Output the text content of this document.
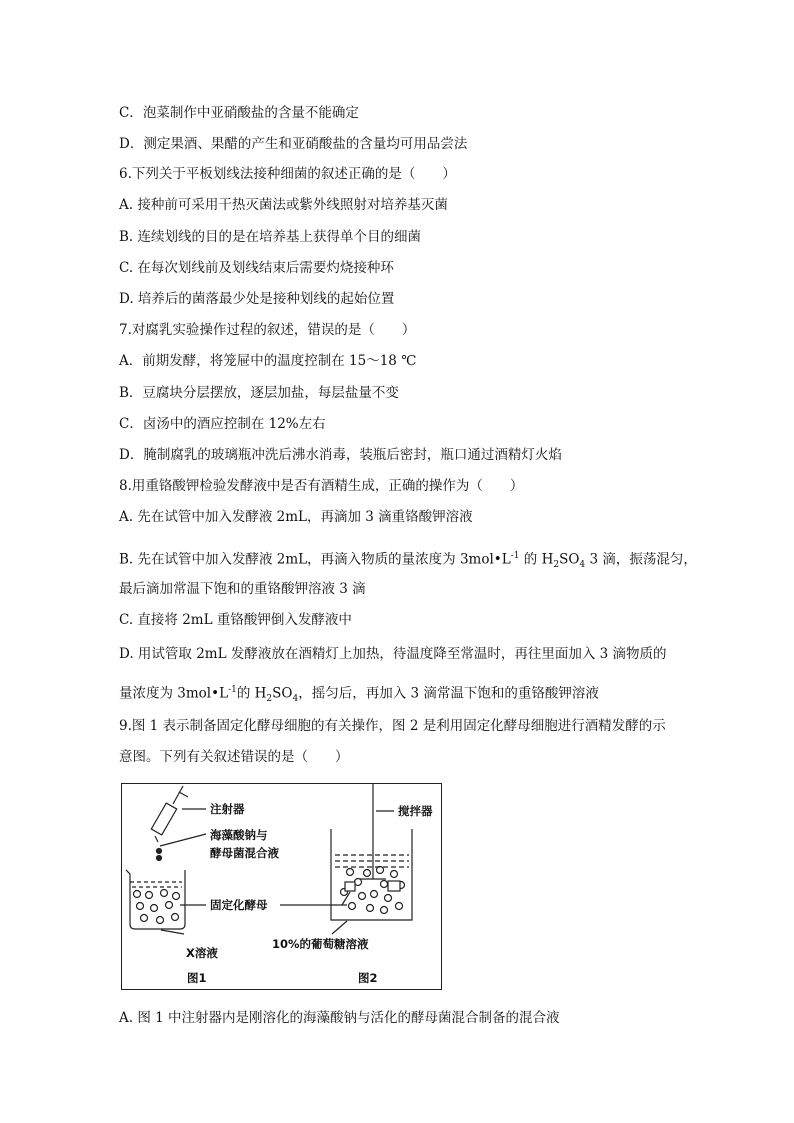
C．泡菜制作中亚硝酸盐的含量不能确定
D．测定果酒、果醋的产生和亚硝酸盐的含量均可用品尝法
6.下列关于平板划线法接种细菌的叙述正确的是（　　）
A. 接种前可采用干热灭菌法或紫外线照射对培养基灭菌
B. 连续划线的目的是在培养基上获得单个目的细菌
C. 在每次划线前及划线结束后需要灼烧接种环
D. 培养后的菌落最少处是接种划线的起始位置
7.对腐乳实验操作过程的叙述，错误的是（　　）
A．前期发酵，将笼屉中的温度控制在 15～18 ℃
B．豆腐块分层摆放，逐层加盐，每层盐量不变
C．卤汤中的酒应控制在 12%左右
D．腌制腐乳的玻璃瓶冲洗后沸水消毒，装瓶后密封，瓶口通过酒精灯火焰
8.用重铬酸钾检验发酵液中是否有酒精生成，正确的操作为（　　）
A. 先在试管中加入发酵液 2mL，再滴加 3 滴重铬酸钾溶液
B. 先在试管中加入发酵液 2mL，再滴入物质的量浓度为 $3mol•L^{-1}$ 的 $H_2SO_4$ 3 滴，振荡混匀，
最后滴加常温下饱和的重铬酸钾溶液 3 滴
C. 直接将 2mL 重铬酸钾倒入发酵液中
D. 用试管取 2mL 发酵液放在酒精灯上加热，待温度降至常温时，再往里面加入 3 滴物质的
量浓度为 $3mol•L^{-1}$的 $H_2SO_4$，摇匀后，再加入 3 滴常温下饱和的重铬酸钾溶液
9.图 1 表示制备固定化酵母细胞的有关操作，图 2 是利用固定化酵母细胞进行酒精发酵的示
意图。下列有关叙述错误的是（　　）
注射器
海藻酸钠与
酵母菌混合液
固定化酵母
X溶液
10%的葡萄糖溶液
搅拌器
图1	图2
A. 图 1 中注射器内是刚溶化的海藻酸钠与活化的酵母菌混合制备的混合液
